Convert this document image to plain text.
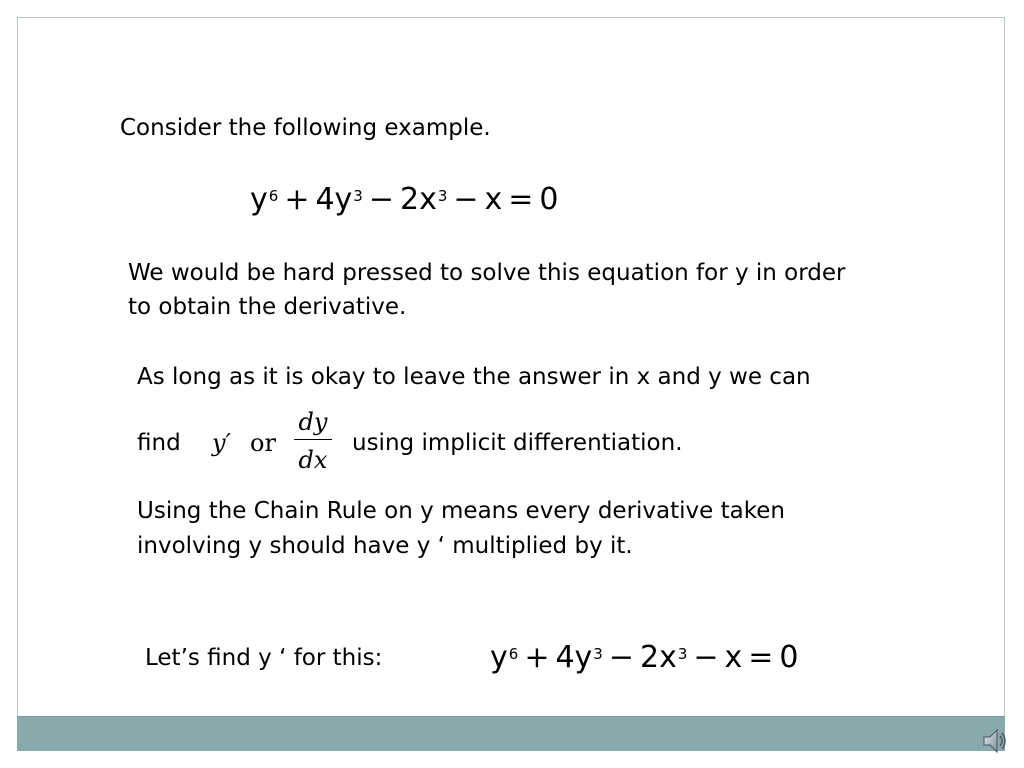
Consider the following example.
$y^6 + 4y^3 - 2x^3 - x = 0$
We would be hard pressed to solve this equation for y in order
to obtain the derivative.
As long as it is okay to leave the answer in x and y we can
find y′ or
dy
dx
using implicit differentiation.
Using the Chain Rule on y means every derivative taken
involving y should have y ‘ multiplied by it.
Let’s find y ‘ for this:	$y^6 + 4y^3 - 2x^3 - x = 0$
